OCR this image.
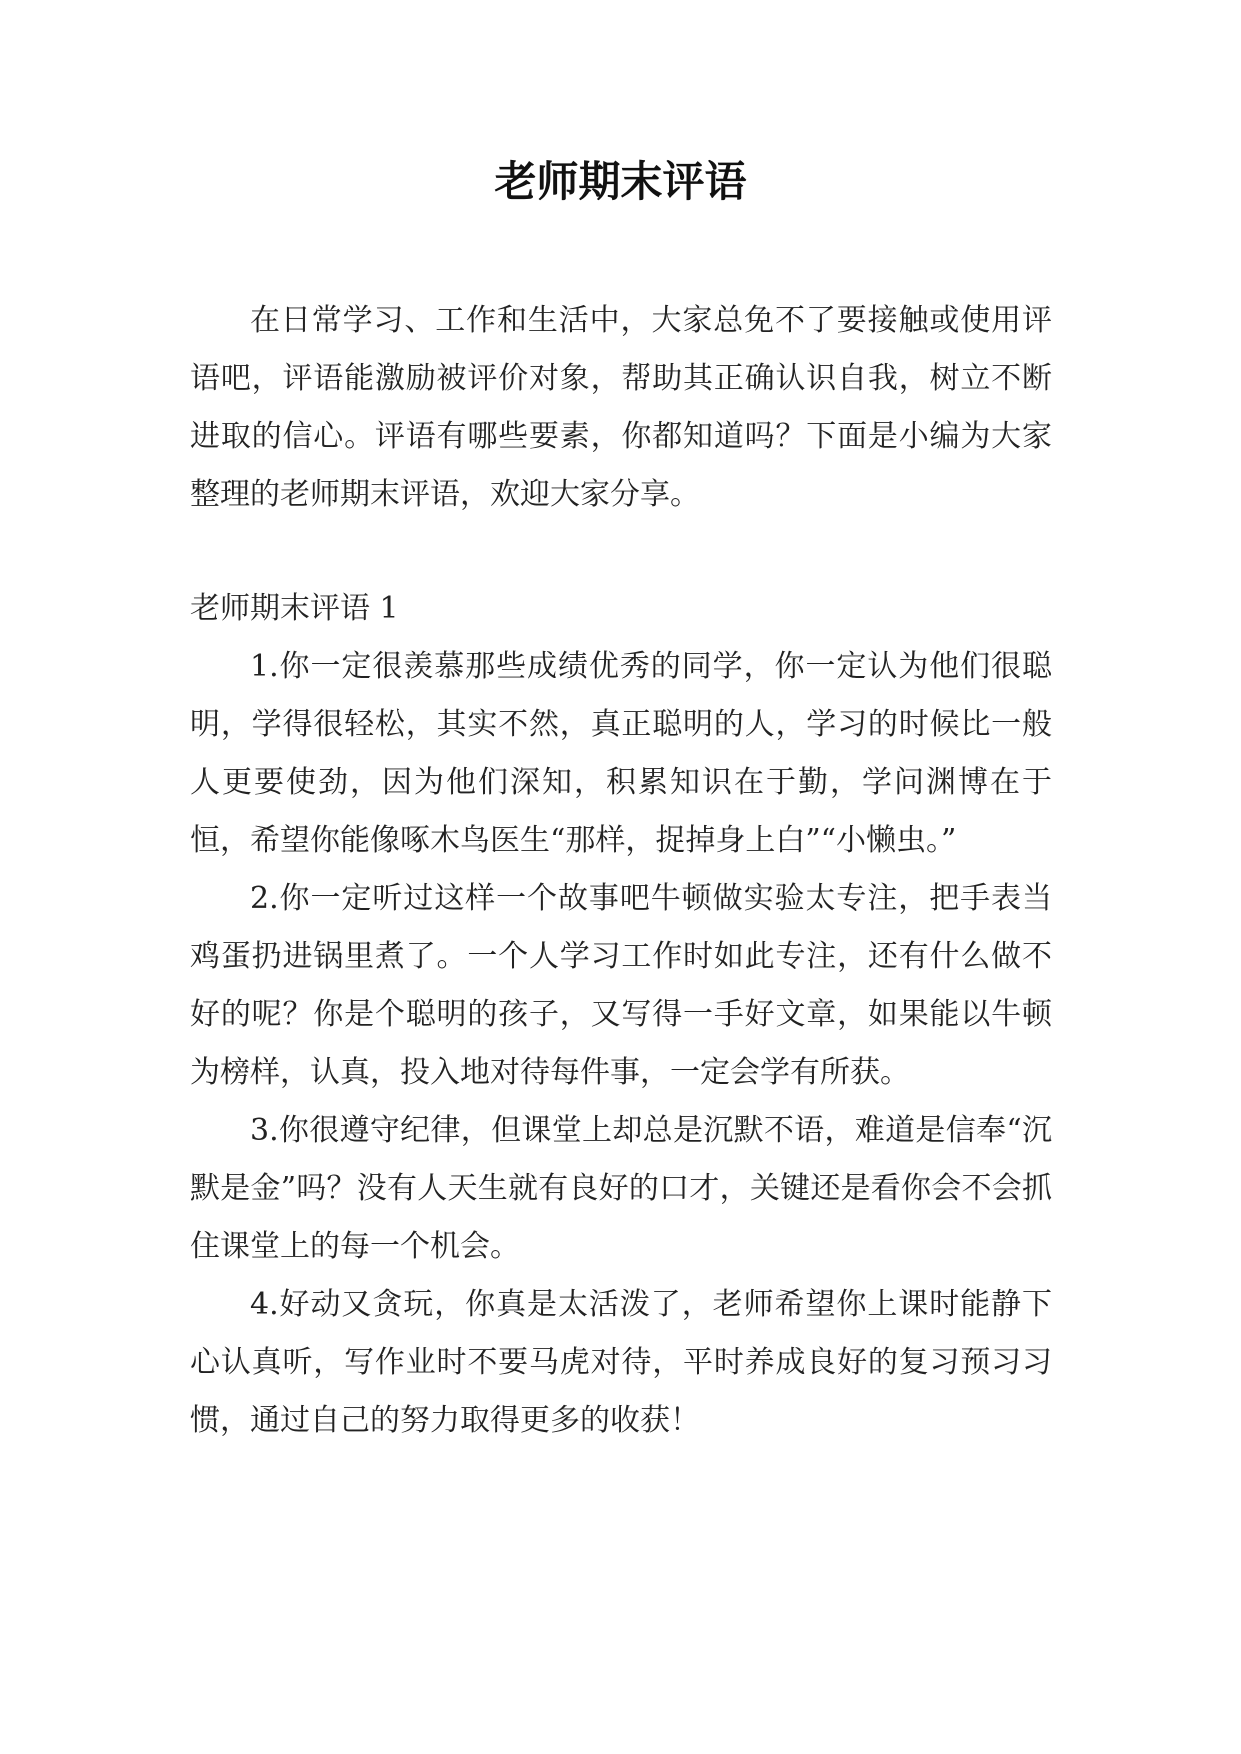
老师期末评语

在日常学习、工作和生活中，大家总免不了要接触或使用评语吧，评语能激励被评价对象，帮助其正确认识自我，树立不断进取的信心。评语有哪些要素，你都知道吗？下面是小编为大家整理的老师期末评语，欢迎大家分享。

老师期末评语 1

1.你一定很羡慕那些成绩优秀的同学，你一定认为他们很聪明，学得很轻松，其实不然，真正聪明的人，学习的时候比一般人更要使劲，因为他们深知，积累知识在于勤，学问渊博在于恒，希望你能像啄木鸟医生“那样，捉掉身上白”“小懒虫。”

2.你一定听过这样一个故事吧牛顿做实验太专注，把手表当鸡蛋扔进锅里煮了。一个人学习工作时如此专注，还有什么做不好的呢？你是个聪明的孩子，又写得一手好文章，如果能以牛顿为榜样，认真，投入地对待每件事，一定会学有所获。

3.你很遵守纪律，但课堂上却总是沉默不语，难道是信奉“沉默是金”吗？没有人天生就有良好的口才，关键还是看你会不会抓住课堂上的每一个机会。

4.好动又贪玩，你真是太活泼了，老师希望你上课时能静下心认真听，写作业时不要马虎对待，平时养成良好的复习预习习惯，通过自己的努力取得更多的收获！
